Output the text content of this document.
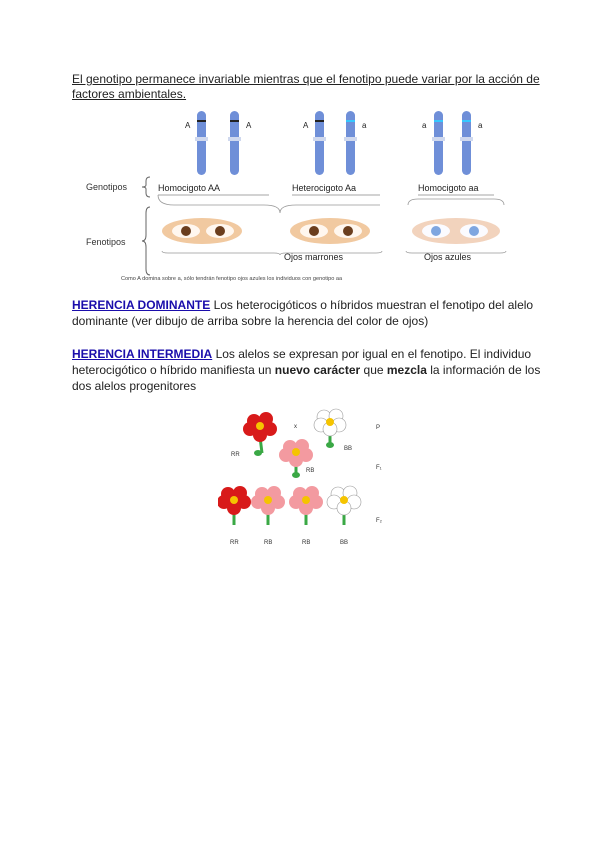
El genotipo permanece invariable mientras que el fenotipo puede variar por la acción de factores ambientales.
A	A	A	a	a	a
Genotipos
Fenotipos
Homocigoto AA	Heterocigoto Aa	Homocigoto aa
Ojos marrones	Ojos azules
Como A domina sobre a, sólo tendrán fenotipo ojos azules los individuos con genotipo aa
HERENCIA DOMINANTE Los heterocigóticos o híbridos muestran el fenotipo del alelo dominante (ver dibujo de arriba sobre la herencia del color de ojos)
HERENCIA INTERMEDIA Los alelos se expresan por igual en el fenotipo. El individuo heterocigótico o híbrido manifiesta un nuevo carácter que mezcla la información de los dos alelos progenitores
RR
x
BB
P
RB	F₁
F₂
RR	RB	RB	BB
